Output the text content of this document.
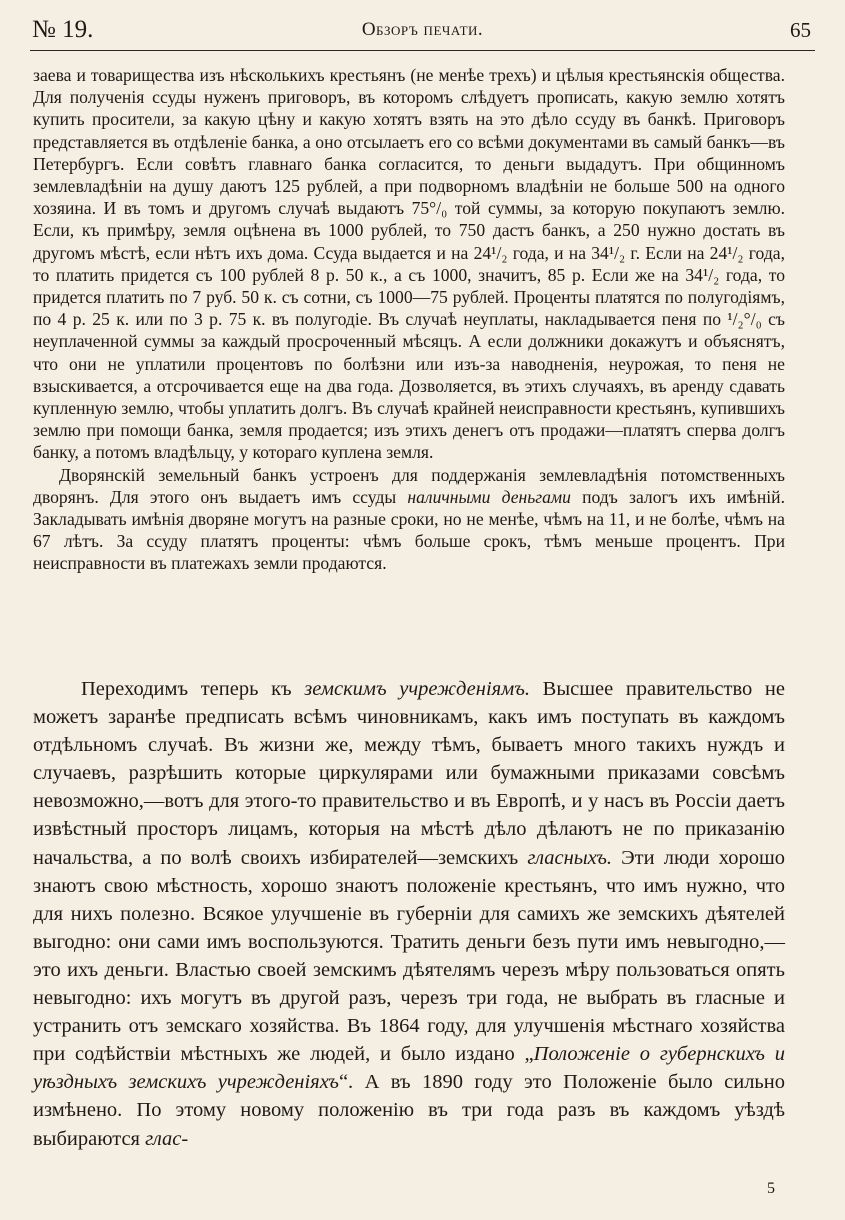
№ 19.	Обзоръ печати.	65

заева и товарищества изъ нѣсколькихъ крестьянъ (не менѣе трехъ) и цѣлыя крестьянскія общества. Для полученія ссуды нуженъ приговоръ, въ которомъ слѣдуетъ прописать, какую землю хотятъ купить просители, за какую цѣну и какую хотятъ взять на это дѣло ссуду въ банкѣ. Приговоръ представляется въ отдѣленіе банка, а оно отсылаетъ его со всѣми документами въ самый банкъ—въ Петербургъ. Если совѣтъ главнаго банка согласится, то деньги выдадутъ. При общинномъ землевладѣніи на душу даютъ 125 рублей, а при подворномъ владѣніи не больше 500 на одного хозяина. И въ томъ и другомъ случаѣ выдаютъ 75°/₀ той суммы, за которую покупаютъ землю. Если, къ примѣру, земля оцѣнена въ 1000 рублей, то 750 дастъ банкъ, а 250 нужно достать въ другомъ мѣстѣ, если нѣтъ ихъ дома. Ссуда выдается и на 24¹/₂ года, и на 34¹/₂ г. Если на 24¹/₂ года, то платить придется съ 100 рублей 8 р. 50 к., а съ 1000, значитъ, 85 р. Если же на 34¹/₂ года, то придется платить по 7 руб. 50 к. съ сотни, съ 1000—75 рублей. Проценты платятся по полугодіямъ, по 4 р. 25 к. или по 3 р. 75 к. въ полугодіе. Въ случаѣ неуплаты, накладывается пеня по ¹/₂°/₀ съ неуплаченной суммы за каждый просроченный мѣсяцъ. А если должники докажутъ и объяснятъ, что они не уплатили процентовъ по болѣзни или изъ-за наводненія, неурожая, то пеня не взыскивается, а отсрочивается еще на два года. Дозволяется, въ этихъ случаяхъ, въ аренду сдавать купленную землю, чтобы уплатить долгъ. Въ случаѣ крайней неисправности крестьянъ, купившихъ землю при помощи банка, земля продается; изъ этихъ денегъ отъ продажи—платятъ сперва долгъ банку, а потомъ владѣльцу, у котораго куплена земля.

Дворянскій земельный банкъ устроенъ для поддержанія землевладѣнія потомственныхъ дворянъ. Для этого онъ выдаетъ имъ ссуды наличными деньгами подъ залогъ ихъ имѣній. Закладывать имѣнія дворяне могутъ на разные сроки, но не менѣе, чѣмъ на 11, и не болѣе, чѣмъ на 67 лѣтъ. За ссуду платятъ проценты: чѣмъ больше срокъ, тѣмъ меньше процентъ. При неисправности въ платежахъ земли продаются.

Переходимъ теперь къ земскимъ учрежденіямъ. Высшее правительство не можетъ заранѣе предписать всѣмъ чиновникамъ, какъ имъ поступать въ каждомъ отдѣльномъ случаѣ. Въ жизни же, между тѣмъ, бываетъ много такихъ нуждъ и случаевъ, разрѣшить которые циркулярами или бумажными приказами совсѣмъ невозможно,—вотъ для этого-то правительство и въ Европѣ, и у насъ въ Россіи даетъ извѣстный просторъ лицамъ, которыя на мѣстѣ дѣло дѣлаютъ не по приказанію начальства, а по волѣ своихъ избирателей—земскихъ гласныхъ. Эти люди хорошо знаютъ свою мѣстность, хорошо знаютъ положеніе крестьянъ, что имъ нужно, что для нихъ полезно. Всякое улучшеніе въ губерніи для самихъ же земскихъ дѣятелей выгодно: они сами имъ воспользуются. Тратить деньги безъ пути имъ невыгодно,—это ихъ деньги. Властью своей земскимъ дѣятелямъ черезъ мѣру пользоваться опять невыгодно: ихъ могутъ въ другой разъ, черезъ три года, не выбрать въ гласные и устранить отъ земскаго хозяйства. Въ 1864 году, для улучшенія мѣстнаго хозяйства при содѣйствіи мѣстныхъ же людей, и было издано „Положеніе о губернскихъ и уѣздныхъ земскихъ учрежденіяхъ“. А въ 1890 году это Положеніе было сильно измѣнено. По этому новому положенію въ три года разъ въ каждомъ уѣздѣ выбираются глас-

5
